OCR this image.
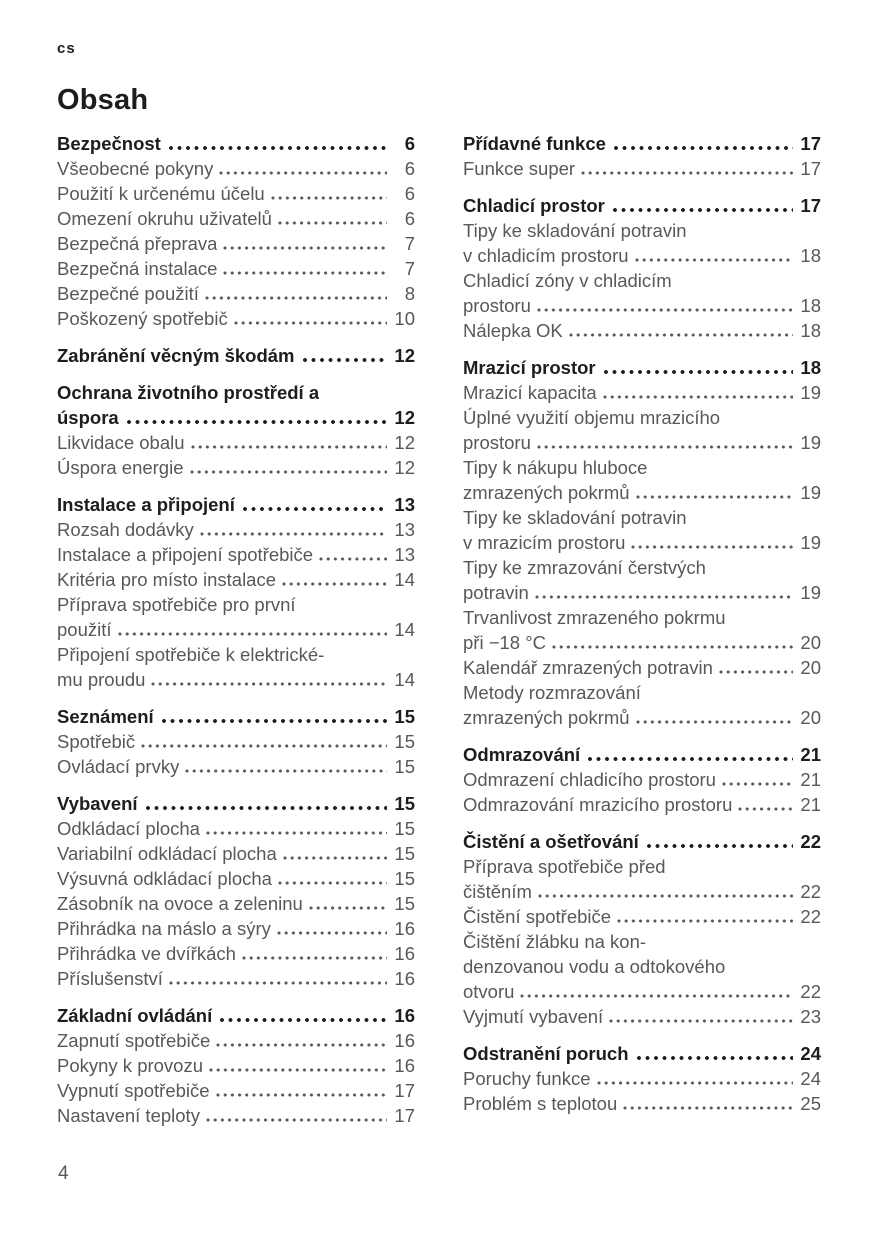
cs
Obsah
Bezpečnost	6
Všeobecné pokyny	6
Použití k určenému účelu	6
Omezení okruhu uživatelů	6
Bezpečná přeprava	7
Bezpečná instalace	7
Bezpečné použití	8
Poškozený spotřebič	10
Zabránění věcným škodám	12
Ochrana životního prostředí a
úspora	12
Likvidace obalu	12
Úspora energie	12
Instalace a připojení	13
Rozsah dodávky	13
Instalace a připojení spotřebiče	13
Kritéria pro místo instalace	14
Příprava spotřebiče pro první
použití	14
Připojení spotřebiče k elektrické-
mu proudu	14
Seznámení	15
Spotřebič	15
Ovládací prvky	15
Vybavení	15
Odkládací plocha	15
Variabilní odkládací plocha	15
Výsuvná odkládací plocha	15
Zásobník na ovoce a zeleninu	15
Přihrádka na máslo a sýry	16
Přihrádka ve dvířkách	16
Příslušenství	16
Základní ovládání	16
Zapnutí spotřebiče	16
Pokyny k provozu	16
Vypnutí spotřebiče	17
Nastavení teploty	17
Přídavné funkce	17
Funkce super	17
Chladicí prostor	17
Tipy ke skladování potravin
v chladicím prostoru	18
Chladicí zóny v chladicím
prostoru	18
Nálepka OK	18
Mrazicí prostor	18
Mrazicí kapacita	19
Úplné využití objemu mrazicího
prostoru	19
Tipy k nákupu hluboce
zmrazených pokrmů	19
Tipy ke skladování potravin
v mrazicím prostoru	19
Tipy ke zmrazování čerstvých
potravin	19
Trvanlivost zmrazeného pokrmu
při −18 °C	20
Kalendář zmrazených potravin	20
Metody rozmrazování
zmrazených pokrmů	20
Odmrazování	21
Odmrazení chladicího prostoru	21
Odmrazování mrazicího prostoru	21
Čistění a ošetřování	22
Příprava spotřebiče před
čištěním	22
Čistění spotřebiče	22
Čištění žlábku na kon-
denzovanou vodu a odtokového
otvoru	22
Vyjmutí vybavení	23
Odstranění poruch	24
Poruchy funkce	24
Problém s teplotou	25
4
